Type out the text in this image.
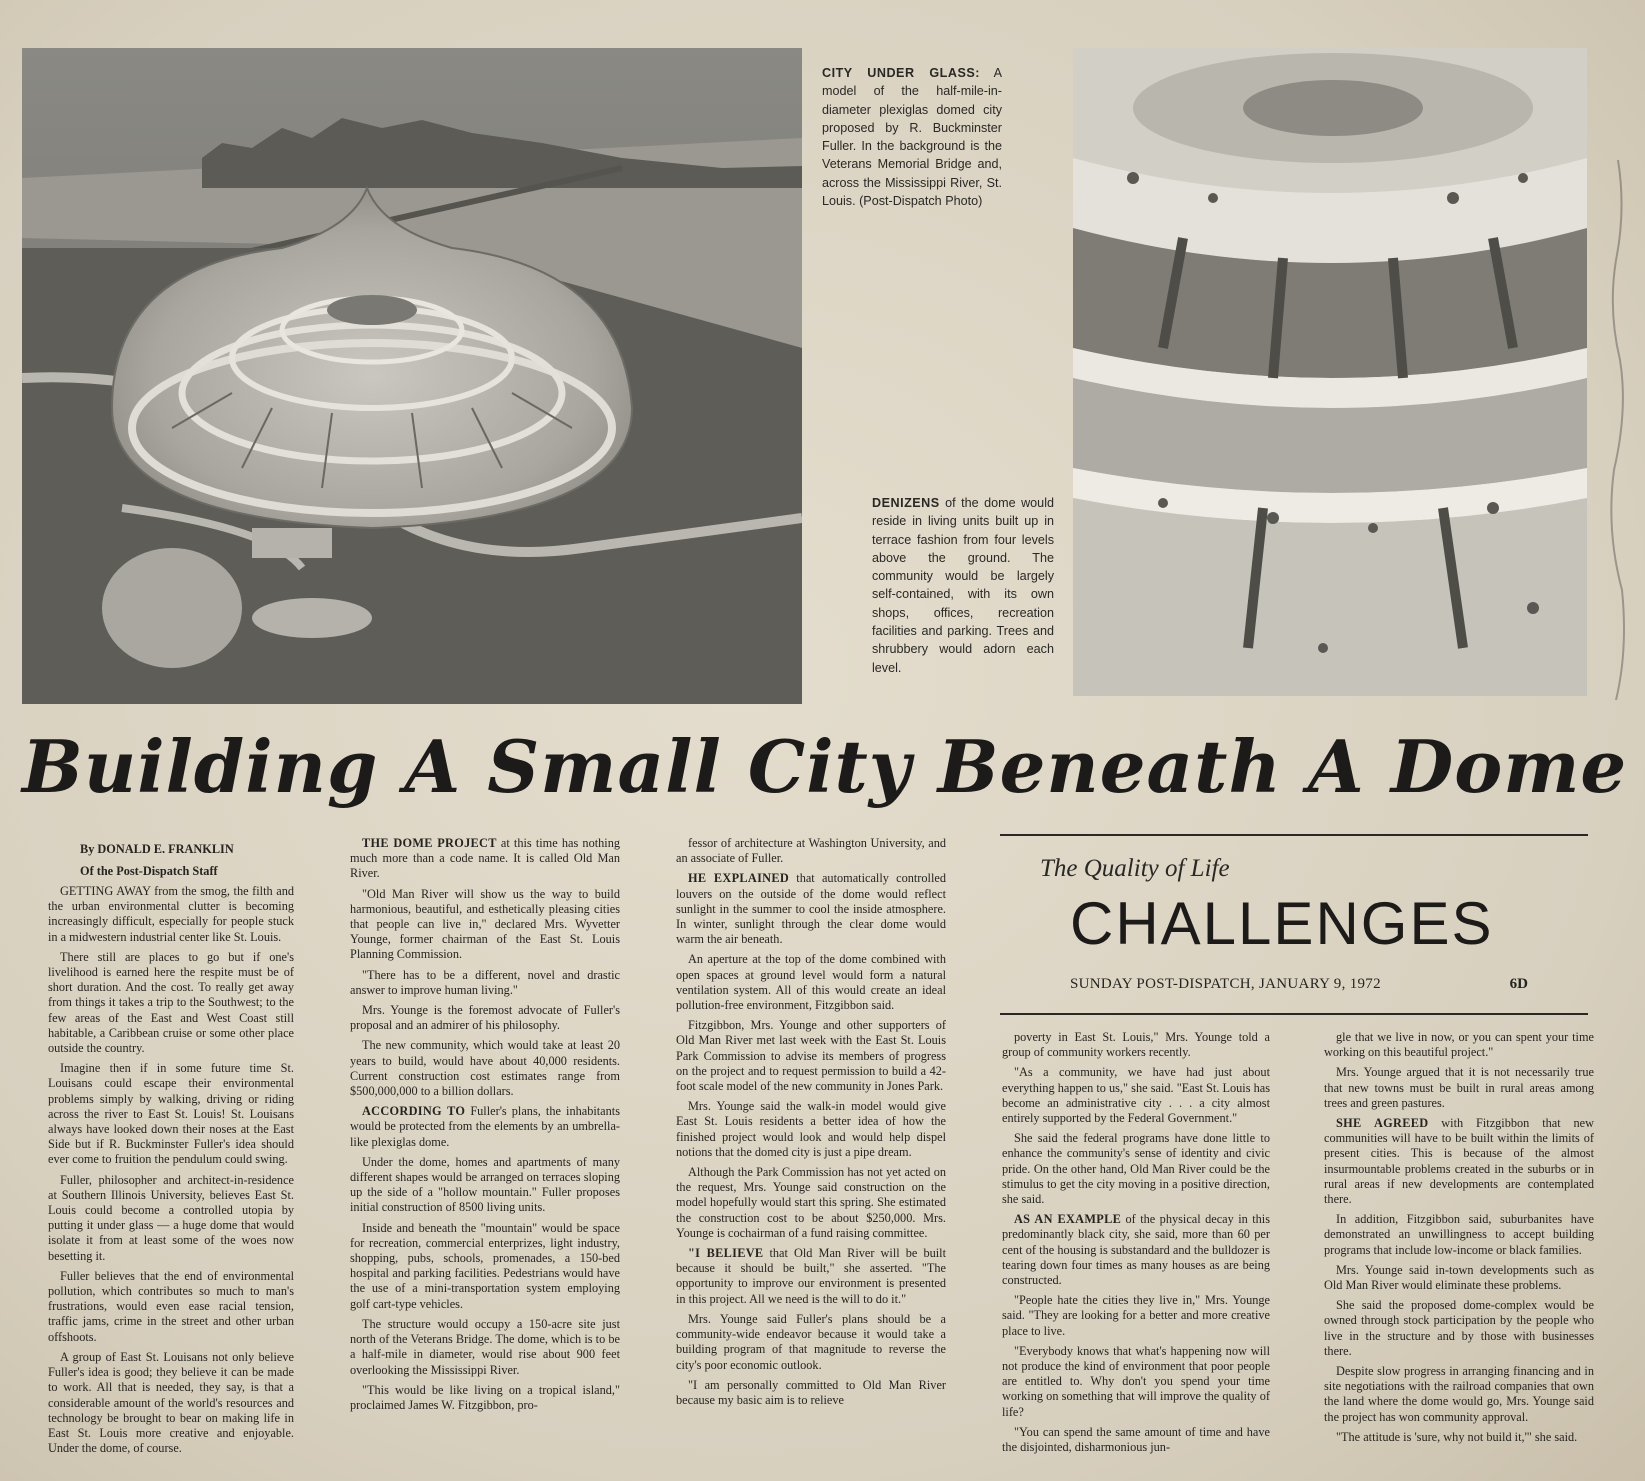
CITY UNDER GLASS: A model of the half-mile-in-diameter plexiglas domed city proposed by R. Buckminster Fuller. In the background is the Veterans Memorial Bridge and, across the Mississippi River, St. Louis. (Post-Dispatch Photo)
DENIZENS of the dome would reside in living units built up in terrace fashion from four levels above the ground. The community would be largely self-contained, with its own shops, offices, recreation facilities and parking. Trees and shrubbery would adorn each level.
Building A Small City Beneath A Dome
By DONALD E. FRANKLIN
Of the Post-Dispatch Staff	The Quality of Life
CHALLENGES
SUNDAY POST-DISPATCH, JANUARY 9, 1972	6D

GETTING AWAY from the smog, the filth and the urban environmental clutter is becoming increasingly difficult, especially for people stuck in a midwestern industrial center like St. Louis.

There still are places to go but if one's livelihood is earned here the respite must be of short duration. And the cost. To really get away from things it takes a trip to the Southwest; to the few areas of the East and West Coast still habitable, a Caribbean cruise or some other place outside the country.

Imagine then if in some future time St. Louisans could escape their environmental problems simply by walking, driving or riding across the river to East St. Louis! St. Louisans always have looked down their noses at the East Side but if R. Buckminster Fuller's idea should ever come to fruition the pendulum could swing.

Fuller, philosopher and architect-in-residence at Southern Illinois University, believes East St. Louis could become a controlled utopia by putting it under glass — a huge dome that would isolate it from at least some of the woes now besetting it.

Fuller believes that the end of environmental pollution, which contributes so much to man's frustrations, would even ease racial tension, traffic jams, crime in the street and other urban offshoots.

A group of East St. Louisans not only believe Fuller's idea is good; they believe it can be made to work. All that is needed, they say, is that a considerable amount of the world's resources and technology be brought to bear on making life in East St. Louis more creative and enjoyable. Under the dome, of course.

THE DOME PROJECT at this time has nothing much more than a code name. It is called Old Man River.

"Old Man River will show us the way to build harmonious, beautiful, and esthetically pleasing cities that people can live in," declared Mrs. Wyvetter Younge, former chairman of the East St. Louis Planning Commission.

"There has to be a different, novel and drastic answer to improve human living."

Mrs. Younge is the foremost advocate of Fuller's proposal and an admirer of his philosophy.

The new community, which would take at least 20 years to build, would have about 40,000 residents. Current construction cost estimates range from $500,000,000 to a billion dollars.

ACCORDING TO Fuller's plans, the inhabitants would be protected from the elements by an umbrella-like plexiglas dome.

Under the dome, homes and apartments of many different shapes would be arranged on terraces sloping up the side of a "hollow mountain." Fuller proposes initial construction of 8500 living units.

Inside and beneath the "mountain" would be space for recreation, commercial enterprizes, light industry, shopping, pubs, schools, promenades, a 150-bed hospital and parking facilities. Pedestrians would have the use of a mini-transportation system employing golf cart-type vehicles.

The structure would occupy a 150-acre site just north of the Veterans Bridge. The dome, which is to be a half-mile in diameter, would rise about 900 feet overlooking the Mississippi River.

"This would be like living on a tropical island," proclaimed James W. Fitzgibbon, pro-

fessor of architecture at Washington University, and an associate of Fuller.

HE EXPLAINED that automatically controlled louvers on the outside of the dome would reflect sunlight in the summer to cool the inside atmosphere. In winter, sunlight through the clear dome would warm the air beneath.

An aperture at the top of the dome combined with open spaces at ground level would form a natural ventilation system. All of this would create an ideal pollution-free environment, Fitzgibbon said.

Fitzgibbon, Mrs. Younge and other supporters of Old Man River met last week with the East St. Louis Park Commission to advise its members of progress on the project and to request permission to build a 42-foot scale model of the new community in Jones Park.

Mrs. Younge said the walk-in model would give East St. Louis residents a better idea of how the finished project would look and would help dispel notions that the domed city is just a pipe dream.

Although the Park Commission has not yet acted on the request, Mrs. Younge said construction on the model hopefully would start this spring. She estimated the construction cost to be about $250,000. Mrs. Younge is cochairman of a fund raising committee.

"I BELIEVE that Old Man River will be built because it should be built," she asserted. "The opportunity to improve our environment is presented in this project. All we need is the will to do it."

Mrs. Younge said Fuller's plans should be a community-wide endeavor because it would take a building program of that magnitude to reverse the city's poor economic outlook.

"I am personally committed to Old Man River because my basic aim is to relieve

poverty in East St. Louis," Mrs. Younge told a group of community workers recently.

"As a community, we have had just about everything happen to us," she said. "East St. Louis has become an administrative city . . . a city almost entirely supported by the Federal Government."

She said the federal programs have done little to enhance the community's sense of identity and civic pride. On the other hand, Old Man River could be the stimulus to get the city moving in a positive direction, she said.

AS AN EXAMPLE of the physical decay in this predominantly black city, she said, more than 60 per cent of the housing is substandard and the bulldozer is tearing down four times as many houses as are being constructed.

"People hate the cities they live in," Mrs. Younge said. "They are looking for a better and more creative place to live.

"Everybody knows that what's happening now will not produce the kind of environment that poor people are entitled to. Why don't you spend your time working on something that will improve the quality of life?

"You can spend the same amount of time and have the disjointed, disharmonious jun-

gle that we live in now, or you can spent your time working on this beautiful project."

Mrs. Younge argued that it is not necessarily true that new towns must be built in rural areas among trees and green pastures.

SHE AGREED with Fitzgibbon that new communities will have to be built within the limits of present cities. This is because of the almost insurmountable problems created in the suburbs or in rural areas if new developments are contemplated there.

In addition, Fitzgibbon said, suburbanites have demonstrated an unwillingness to accept building programs that include low-income or black families.

Mrs. Younge said in-town developments such as Old Man River would eliminate these problems.

She said the proposed dome-complex would be owned through stock participation by the people who live in the structure and by those with businesses there.

Despite slow progress in arranging financing and in site negotiations with the railroad companies that own the land where the dome would go, Mrs. Younge said the project has won community approval.

"The attitude is 'sure, why not build it,'" she said.
